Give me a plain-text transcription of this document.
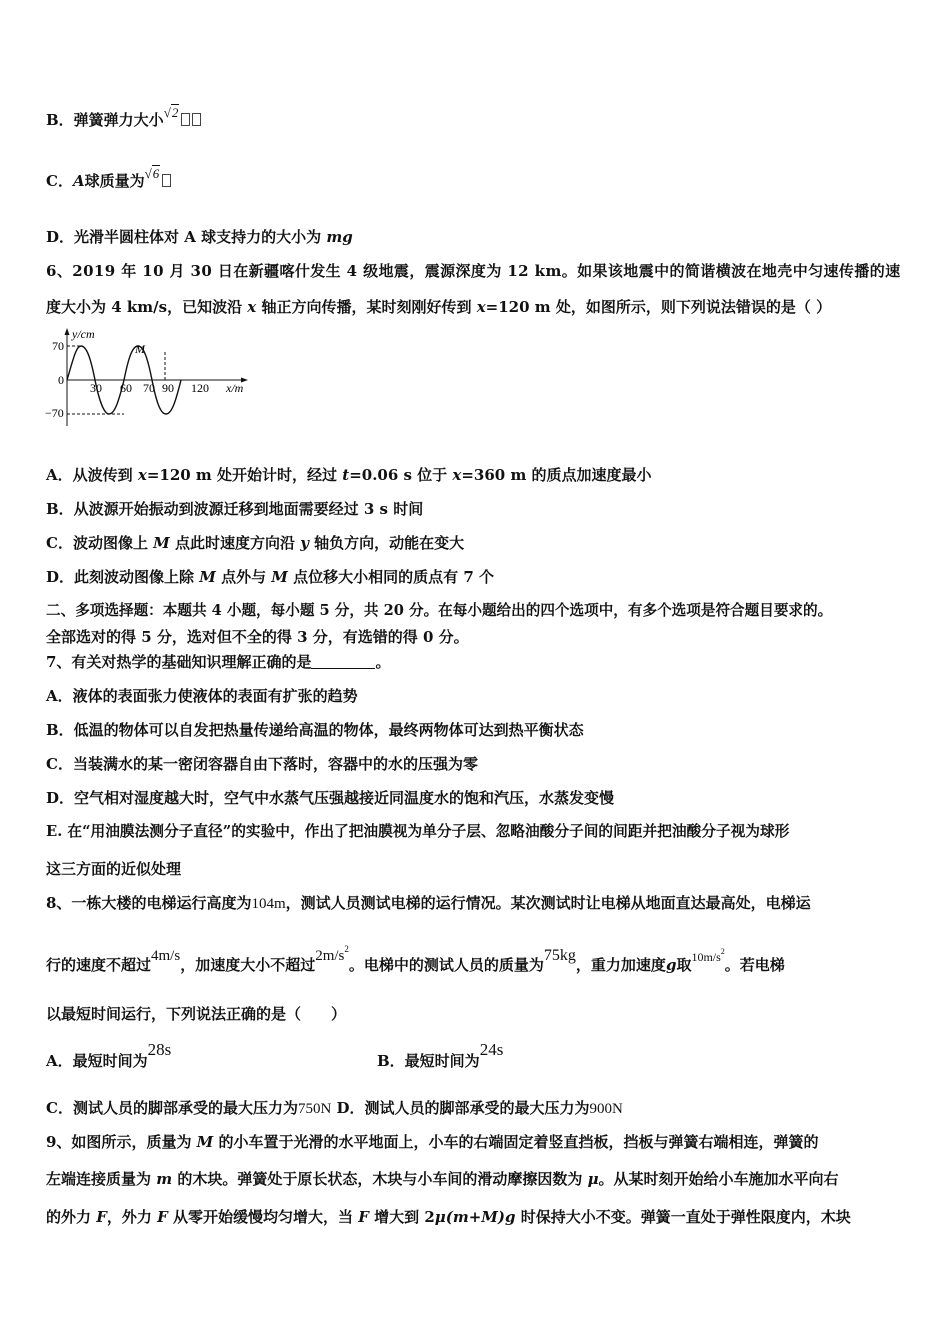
B．弹簧弹力大小√2
C．A球质量为√6
D．光滑半圆柱体对 A 球支持力的大小为 mg
6、2019 年 10 月 30 日在新疆喀什发生 4 级地震，震源深度为 12 km。如果该地震中的简谐横波在地壳中匀速传播的速
度大小为 4 km/s，已知波沿 x 轴正方向传播，某时刻刚好传到 x=120 m 处，如图所示，则下列说法错误的是（ ）
y/cm
70
0
−70
30 60 70 90 120 x/m
M
A．从波传到 x=120 m 处开始计时，经过 t=0.06 s 位于 x=360 m 的质点加速度最小
B．从波源开始振动到波源迁移到地面需要经过 3 s 时间
C．波动图像上 M 点此时速度方向沿 y 轴负方向，动能在变大
D．此刻波动图像上除 M 点外与 M 点位移大小相同的质点有 7 个
二、多项选择题：本题共 4 小题，每小题 5 分，共 20 分。在每小题给出的四个选项中，有多个选项是符合题目要求的。
全部选对的得 5 分，选对但不全的得 3 分，有选错的得 0 分。
7、有关对热学的基础知识理解正确的是	。
A．液体的表面张力使液体的表面有扩张的趋势
B．低温的物体可以自发把热量传递给高温的物体，最终两物体可达到热平衡状态
C．当装满水的某一密闭容器自由下落时，容器中的水的压强为零
D．空气相对湿度越大时，空气中水蒸气压强越接近同温度水的饱和汽压，水蒸发变慢
E. 在“用油膜法测分子直径”的实验中，作出了把油膜视为单分子层、忽略油酸分子间的间距并把油酸分子视为球形
这三方面的近似处理
8、一栋大楼的电梯运行高度为104m，测试人员测试电梯的运行情况。某次测试时让电梯从地面直达最高处，电梯运
行的速度不超过4m/s，加速度大小不超过$2m/s^2$。电梯中的测试人员的质量为75kg，重力加速度g取$^{10m/s2}$。若电梯
以最短时间运行，下列说法正确的是（　　）
A．最短时间为28s
B．最短时间为24s
C．测试人员的脚部承受的最大压力为750N D．测试人员的脚部承受的最大压力为900N
9、如图所示，质量为 M 的小车置于光滑的水平地面上，小车的右端固定着竖直挡板，挡板与弹簧右端相连，弹簧的
左端连接质量为 m 的木块。弹簧处于原长状态，木块与小车间的滑动摩擦因数为 μ。从某时刻开始给小车施加水平向右
的外力 F，外力 F 从零开始缓慢均匀增大，当 F 增大到 2μ(m+M)g 时保持大小不变。弹簧一直处于弹性限度内，木块
